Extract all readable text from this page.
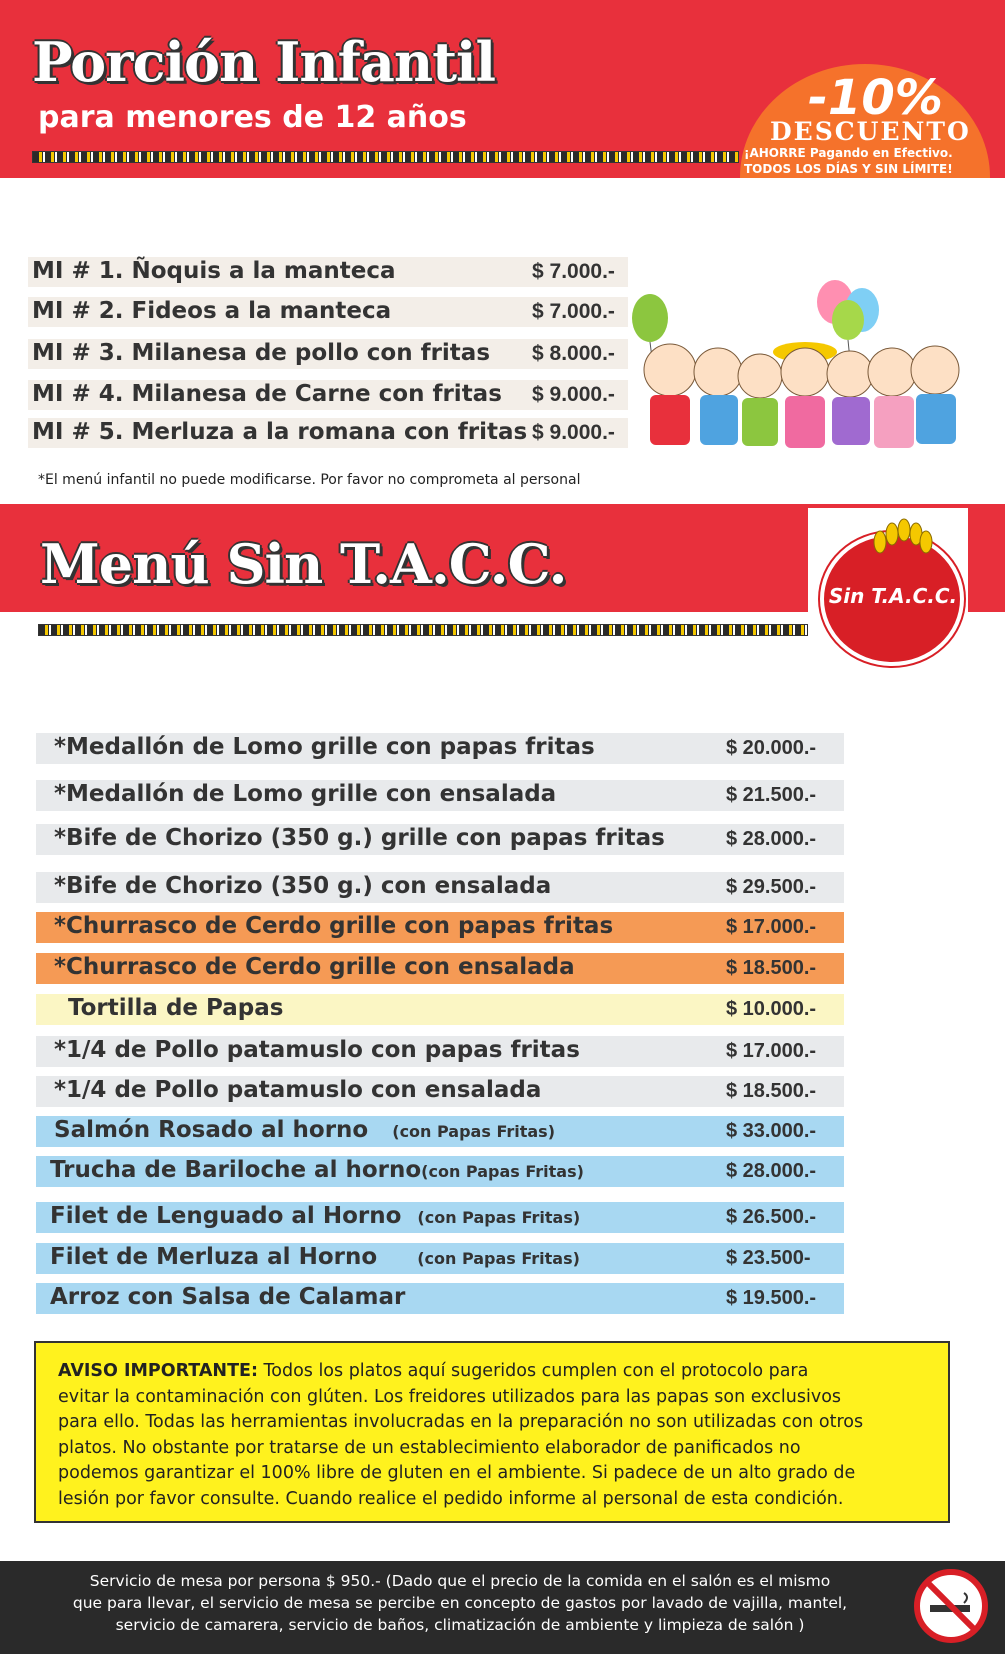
Porción Infantil
para menores de 12 años	-10%
DESCUENTO
¡AHORRE Pagando en Efectivo.
TODOS LOS DÍAS Y SIN LÍMITE!
MI # 1. Ñoquis a la manteca	$ 7.000.-
MI # 2. Fideos a la manteca	$ 7.000.-
MI # 3. Milanesa de pollo con fritas $ 8.000.-
MI # 4. Milanesa de Carne con fritas $ 9.000.-
MI # 5. Merluza a la romana con fritas $ 9.000.-
*El menú infantil no puede modificarse. Por favor no comprometa al personal
Menú Sin T.A.C.C.	Sin T.A.C.C.
*Medallón de Lomo grille con papas fritas	$ 20.000.-
*Medallón de Lomo grille con ensalada	$ 21.500.-
*Bife de Chorizo (350 g.) grille con papas fritas	$ 28.000.-
*Bife de Chorizo (350 g.) con ensalada	$ 29.500.-
*Churrasco de Cerdo grille con papas fritas	$ 17.000.-
*Churrasco de Cerdo grille con ensalada	$ 18.500.-
Tortilla de Papas	$ 10.000.-
*1/4 de Pollo patamuslo con papas fritas	$ 17.000.-
*1/4 de Pollo patamuslo con ensalada	$ 18.500.-
Salmón Rosado al horno (con Papas Fritas)	$ 33.000.-
Trucha de Bariloche al horno(con Papas Fritas)	$ 28.000.-
Filet de Lenguado al Horno (con Papas Fritas)	$ 26.500.-
Filet de Merluza al Horno	(con Papas Fritas)	$ 23.500-
Arroz con Salsa de Calamar	$ 19.500.-
AVISO IMPORTANTE: Todos los platos aquí sugeridos cumplen con el protocolo para
evitar la contaminación con glúten. Los freidores utilizados para las papas son exclusivos
para ello. Todas las herramientas involucradas en la preparación no son utilizadas con otros
platos. No obstante por tratarse de un establecimiento elaborador de panificados no
podemos garantizar el 100% libre de gluten en el ambiente. Si padece de un alto grado de
lesión por favor consulte. Cuando realice el pedido informe al personal de esta condición.
Servicio de mesa por persona $ 950.- (Dado que el precio de la comida en el salón es el mismo
que para llevar, el servicio de mesa se percibe en concepto de gastos por lavado de vajilla, mantel,
servicio de camarera, servicio de baños, climatización de ambiente y limpieza de salón )
